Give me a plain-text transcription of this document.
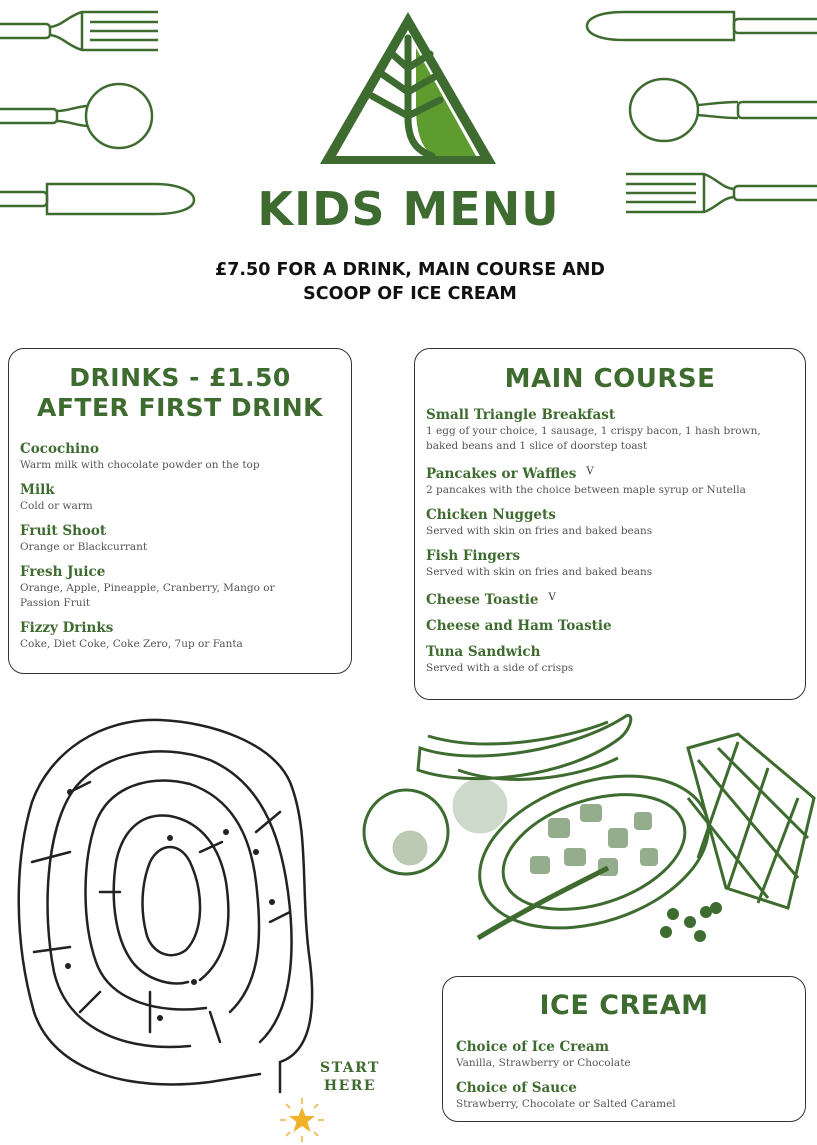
KIDS MENU
£7.50 FOR A DRINK, MAIN COURSE AND SCOOP OF ICE CREAM
DRINKS - £1.50 AFTER FIRST DRINK

Cocochino

Warm milk with chocolate powder on the top

Milk

Cold or warm

Fruit Shoot

Orange or Blackcurrant

Fresh Juice

Orange, Apple, Pineapple, Cranberry, Mango or Passion Fruit

Fizzy Drinks

Coke, Diet Coke, Coke Zero, 7up or Fanta

MAIN COURSE

Small Triangle Breakfast

1 egg of your choice, 1 sausage, 1 crispy bacon, 1 hash brown, baked beans and 1 slice of doorstep toast

Pancakes or Waffles $^V$

2 pancakes with the choice between maple syrup or Nutella

Chicken Nuggets

Served with skin on fries and baked beans

Fish Fingers

Served with skin on fries and baked beans

Cheese Toastie $^V$

Cheese and Ham Toastie

Tuna Sandwich

Served with a side of crisps

START
HERE
ICE CREAM

Choice of Ice Cream

Vanilla, Strawberry or Chocolate

Choice of Sauce

Strawberry, Chocolate or Salted Caramel
